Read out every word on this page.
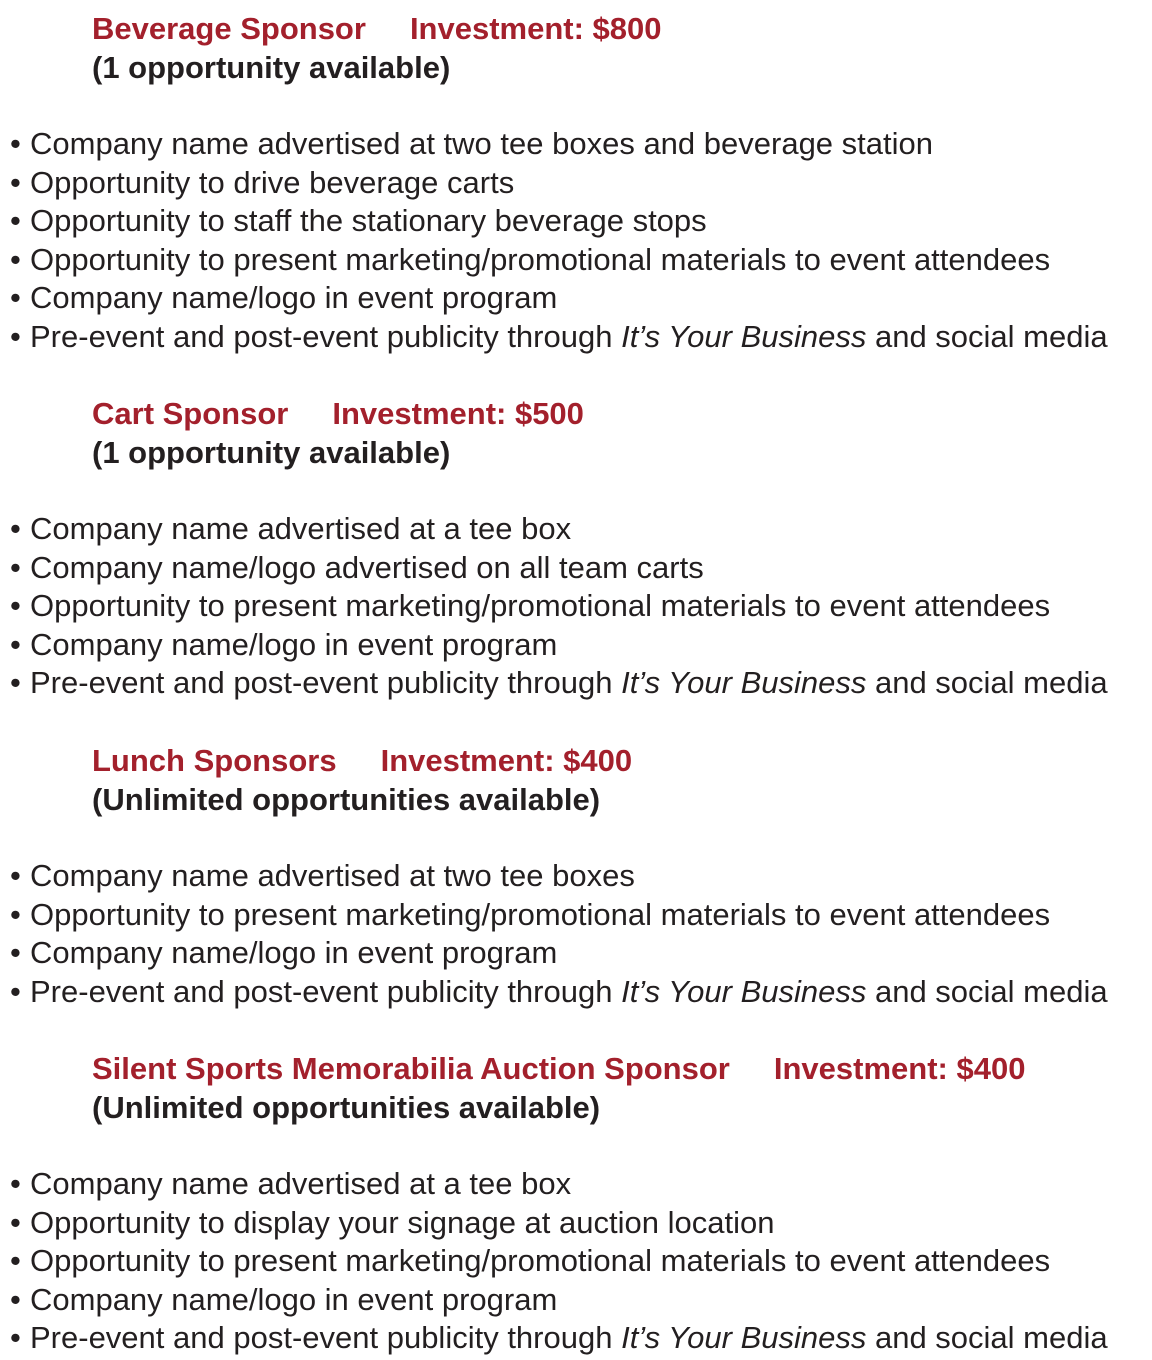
Beverage Sponsor Investment: $800
(1 opportunity available)
• Company name advertised at two tee boxes and beverage station
• Opportunity to drive beverage carts
• Opportunity to staff the stationary beverage stops
• Opportunity to present marketing/promotional materials to event attendees
• Company name/logo in event program
• Pre-event and post-event publicity through It’s Your Business and social media
Cart Sponsor Investment: $500
(1 opportunity available)
• Company name advertised at a tee box
• Company name/logo advertised on all team carts
• Opportunity to present marketing/promotional materials to event attendees
• Company name/logo in event program
• Pre-event and post-event publicity through It’s Your Business and social media
Lunch Sponsors Investment: $400
(Unlimited opportunities available)
• Company name advertised at two tee boxes
• Opportunity to present marketing/promotional materials to event attendees
• Company name/logo in event program
• Pre-event and post-event publicity through It’s Your Business and social media
Silent Sports Memorabilia Auction Sponsor Investment: $400
(Unlimited opportunities available)
• Company name advertised at a tee box
• Opportunity to display your signage at auction location
• Opportunity to present marketing/promotional materials to event attendees
• Company name/logo in event program
• Pre-event and post-event publicity through It’s Your Business and social media
